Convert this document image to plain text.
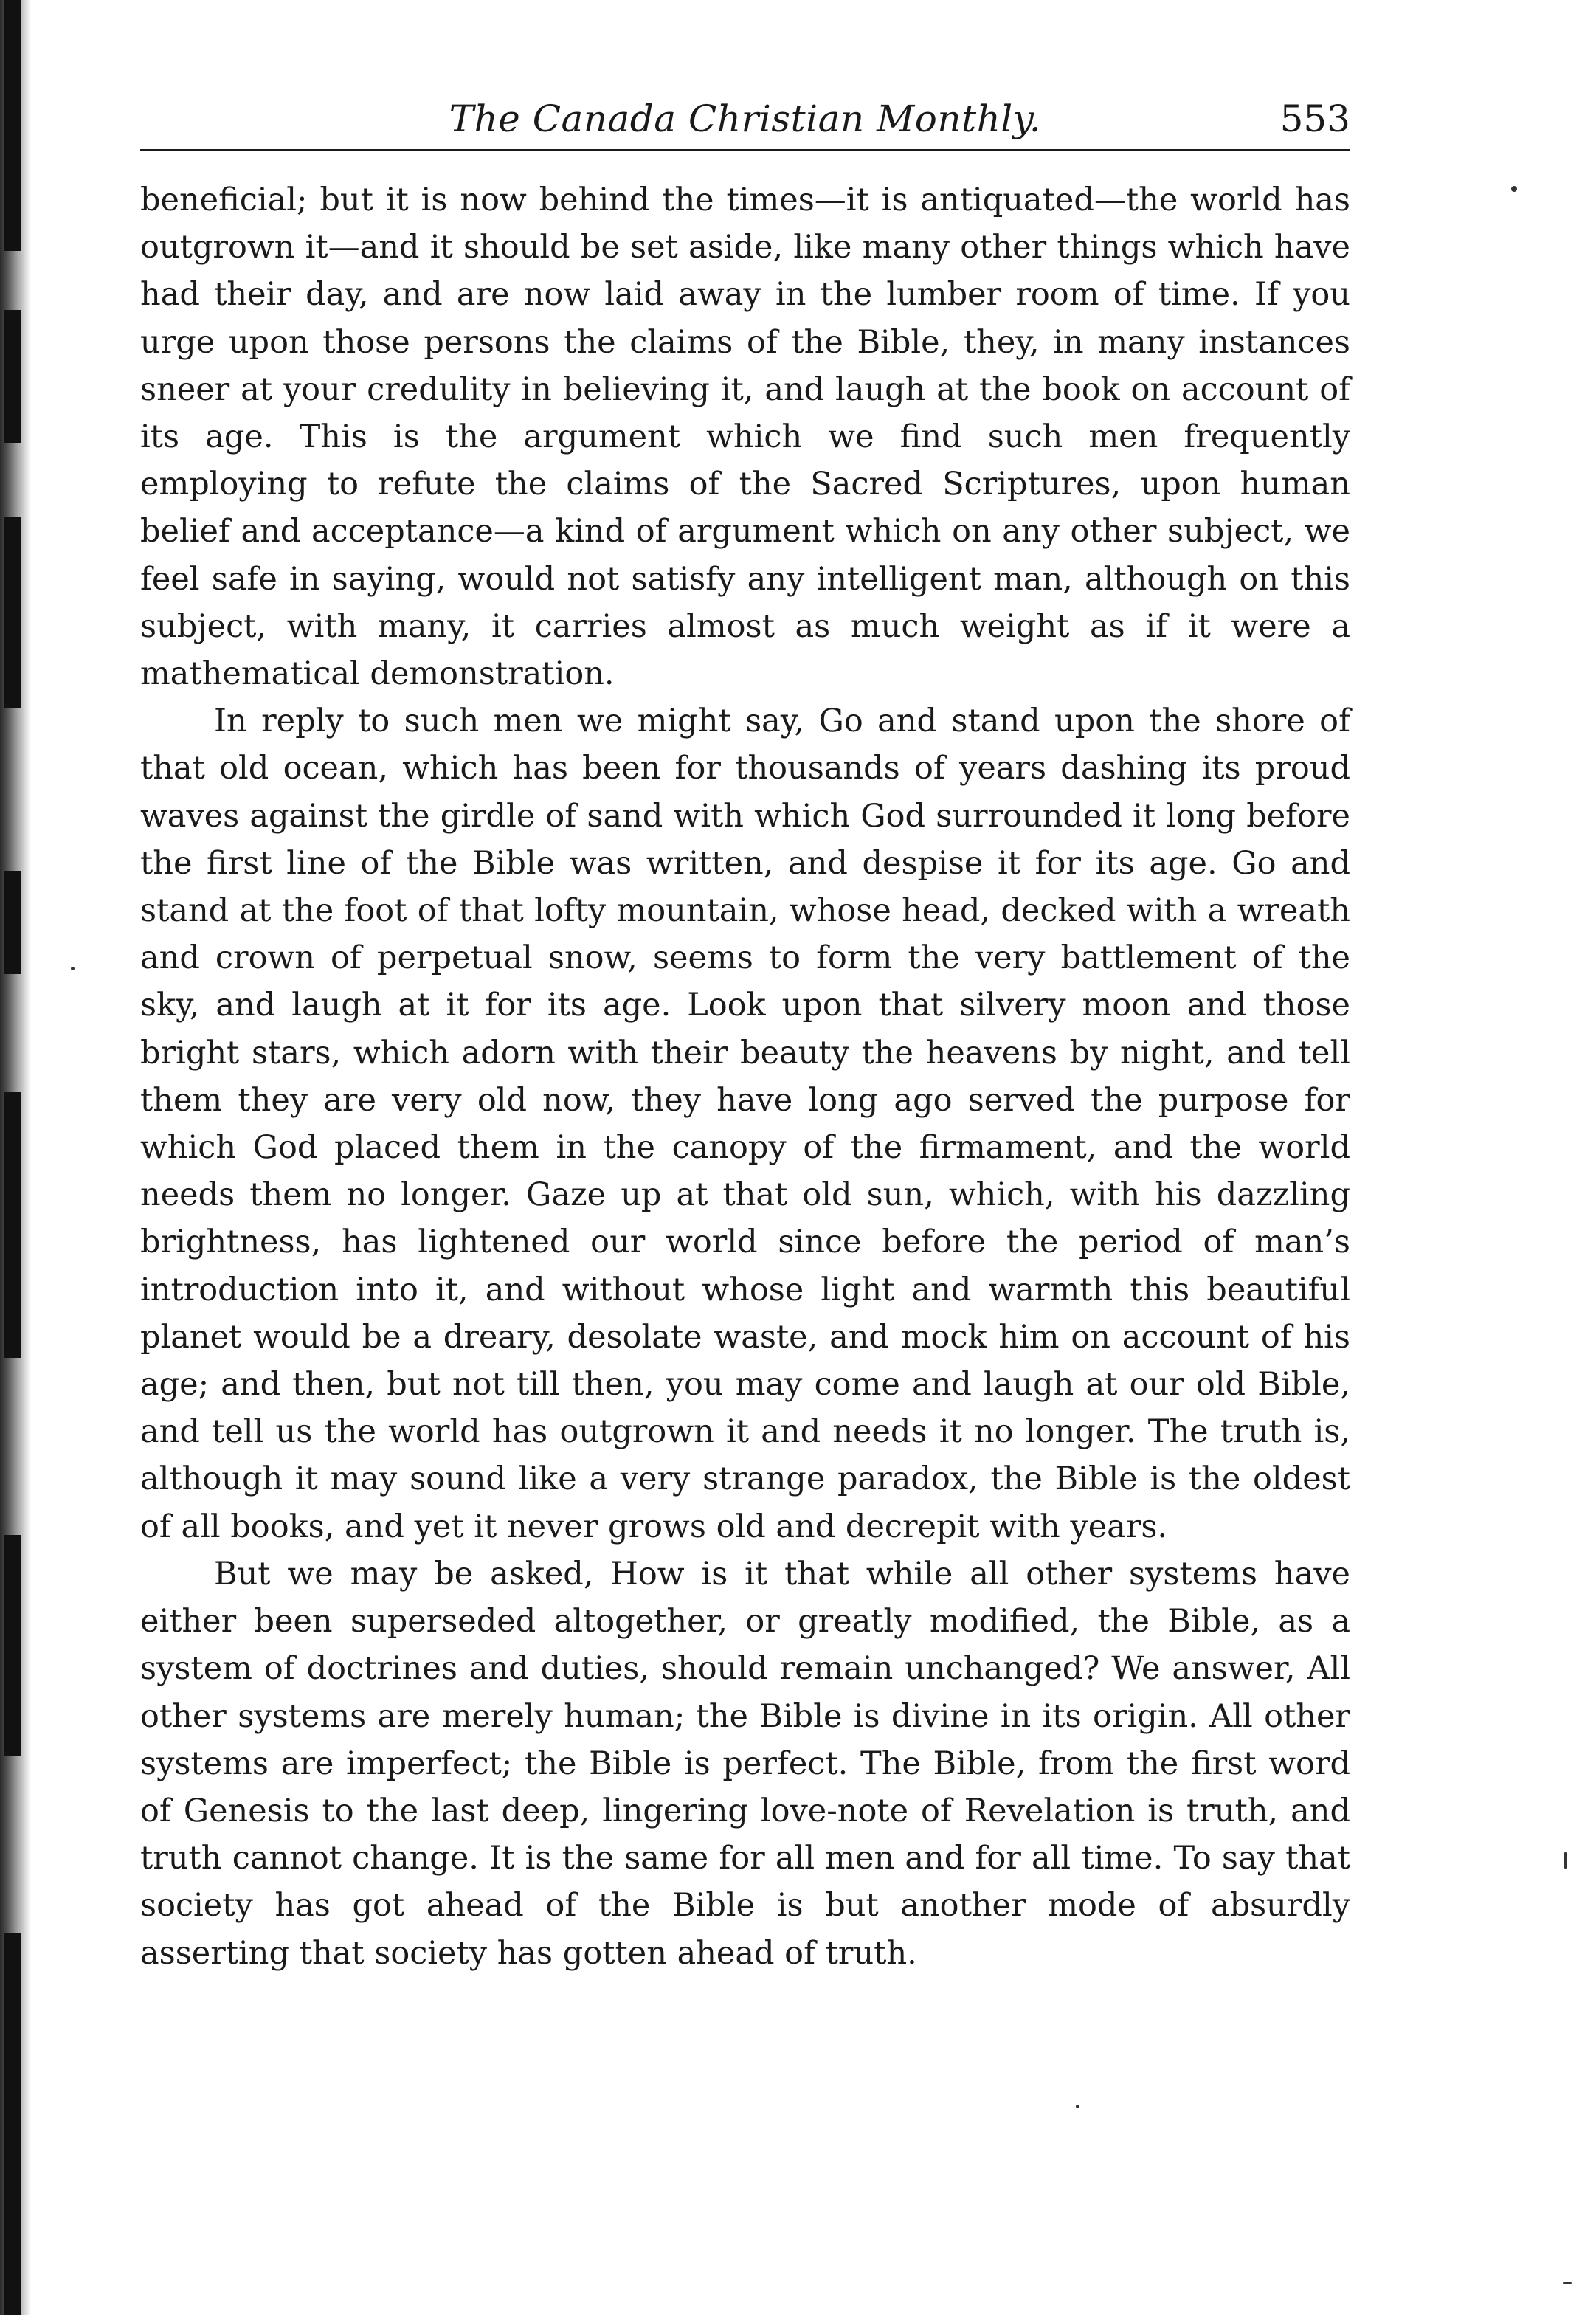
The Canada Christian Monthly.	553

beneficial; but it is now behind the times—it is antiquated—the world has outgrown it—and it should be set aside, like many other things which have had their day, and are now laid away in the lumber room of time. If you urge upon those persons the claims of the Bible, they, in many instances sneer at your credulity in believing it, and laugh at the book on account of its age. This is the argument which we find such men frequently employing to refute the claims of the Sacred Scriptures, upon human belief and acceptance—a kind of argument which on any other subject, we feel safe in saying, would not satisfy any intelligent man, although on this subject, with many, it carries almost as much weight as if it were a mathematical demonstration.

In reply to such men we might say, Go and stand upon the shore of that old ocean, which has been for thousands of years dashing its proud waves against the girdle of sand with which God surrounded it long before the first line of the Bible was written, and despise it for its age. Go and stand at the foot of that lofty mountain, whose head, decked with a wreath and crown of perpetual snow, seems to form the very battlement of the sky, and laugh at it for its age. Look upon that silvery moon and those bright stars, which adorn with their beauty the heavens by night, and tell them they are very old now, they have long ago served the purpose for which God placed them in the canopy of the firmament, and the world needs them no longer. Gaze up at that old sun, which, with his dazzling brightness, has lightened our world since before the period of man’s introduction into it, and without whose light and warmth this beautiful planet would be a dreary, desolate waste, and mock him on account of his age; and then, but not till then, you may come and laugh at our old Bible, and tell us the world has outgrown it and needs it no longer. The truth is, although it may sound like a very strange paradox, the Bible is the oldest of all books, and yet it never grows old and decrepit with years.

But we may be asked, How is it that while all other systems have either been superseded altogether, or greatly modified, the Bible, as a system of doctrines and duties, should remain unchanged? We answer, All other systems are merely human; the Bible is divine in its origin. All other systems are imperfect; the Bible is perfect. The Bible, from the first word of Genesis to the last deep, lingering love-note of Revelation is truth, and truth cannot change. It is the same for all men and for all time. To say that society has got ahead of the Bible is but another mode of absurdly asserting that society has gotten ahead of truth.
